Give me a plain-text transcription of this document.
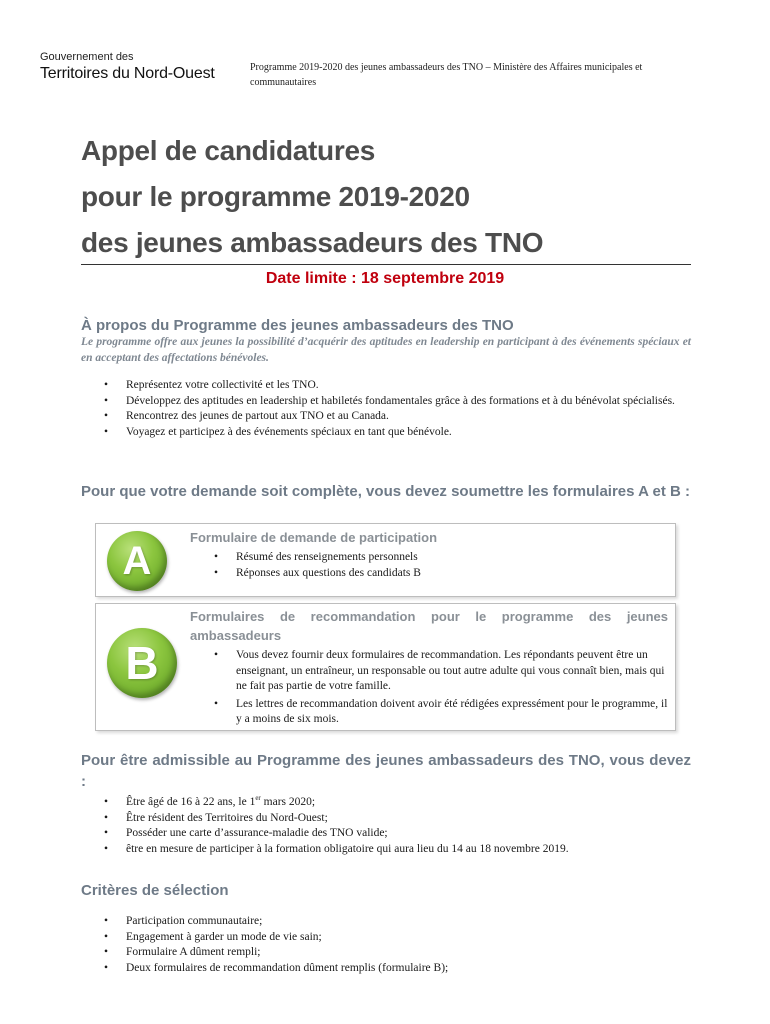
Gouvernement des
Territoires du Nord-Ouest	Programme 2019-2020 des jeunes ambassadeurs des TNO – Ministère des Affaires municipales et communautaires
Appel de candidatures
pour le programme 2019-2020
des jeunes ambassadeurs des TNO
Date limite : 18 septembre 2019
À propos du Programme des jeunes ambassadeurs des TNO
Le programme offre aux jeunes la possibilité d’acquérir des aptitudes en leadership en participant à des événements spéciaux et en acceptant des affectations bénévoles.
• Représentez votre collectivité et les TNO.
• Développez des aptitudes en leadership et habiletés fondamentales grâce à des formations et à du bénévolat spécialisés.
• Rencontrez des jeunes de partout aux TNO et au Canada.
• Voyagez et participez à des événements spéciaux en tant que bénévole.
Pour que votre demande soit complète, vous devez soumettre les formulaires A et B :
A
Formulaire de demande de participation
• Résumé des renseignements personnels
• Réponses aux questions des candidats B
B
Formulaires de recommandation pour le programme des jeunes ambassadeurs
• Vous devez fournir deux formulaires de recommandation. Les répondants peuvent être un enseignant, un entraîneur, un responsable ou tout autre adulte qui vous connaît bien, mais qui ne fait pas partie de votre famille.
• Les lettres de recommandation doivent avoir été rédigées expressément pour le programme, il y a moins de six mois.
Pour être admissible au Programme des jeunes ambassadeurs des TNO, vous devez :
• Être âgé de 16 à 22 ans, le 1er mars 2020;
• Être résident des Territoires du Nord-Ouest;
• Posséder une carte d’assurance-maladie des TNO valide;
• être en mesure de participer à la formation obligatoire qui aura lieu du 14 au 18 novembre 2019.
Critères de sélection
• Participation communautaire;
• Engagement à garder un mode de vie sain;
• Formulaire A dûment rempli;
• Deux formulaires de recommandation dûment remplis (formulaire B);
